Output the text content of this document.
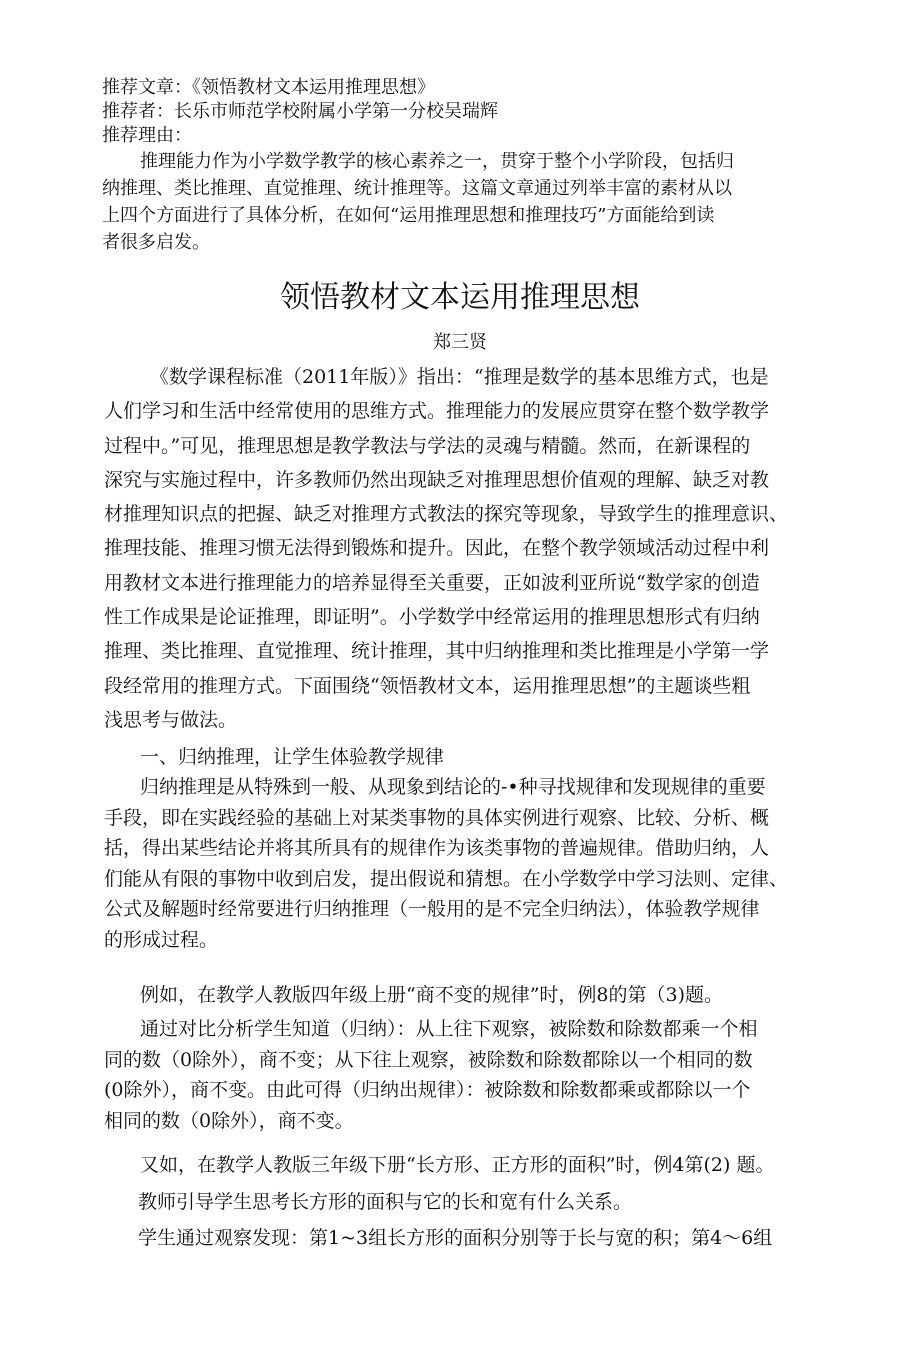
推荐文章：《领悟教材文本运用推理思想》
推荐者：长乐市师范学校附属小学第一分校吴瑞辉
推荐理由：
推理能力作为小学数学教学的核心素养之一，贯穿于整个小学阶段，包括归
纳推理、类比推理、直觉推理、统计推理等。这篇文章通过列举丰富的素材从以
上四个方面进行了具体分析，在如何“运用推理思想和推理技巧”方面能给到读
者很多启发。
领悟教材文本运用推理思想

郑三贤

《数学课程标准（2011年版）》指出：“推理是数学的基本思维方式，也是
人们学习和生活中经常使用的思维方式。推理能力的发展应贯穿在整个数学教学
过程中。”可见，推理思想是教学教法与学法的灵魂与精髓。然而，在新课程的
深究与实施过程中，许多教师仍然出现缺乏对推理思想价值观的理解、缺乏对教
材推理知识点的把握、缺乏对推理方式教法的探究等现象，导致学生的推理意识、
推理技能、推理习惯无法得到锻炼和提升。因此，在整个教学领域活动过程中利
用教材文本进行推理能力的培养显得至关重要，正如波利亚所说“数学家的创造
性工作成果是论证推理，即证明”。小学数学中经常运用的推理思想形式有归纳
推理、类比推理、直觉推理、统计推理，其中归纳推理和类比推理是小学第一学
段经常用的推理方式。下面围绕“领悟教材文本，运用推理思想”的主题谈些粗
浅思考与做法。
一、归纳推理，让学生体验教学规律
归纳推理是从特殊到一般、从现象到结论的-•种寻找规律和发现规律的重要
手段，即在实践经验的基础上对某类事物的具体实例进行观察、比较、分析、概
括，得出某些结论并将其所具有的规律作为该类事物的普遍规律。借助归纳，人
们能从有限的事物中收到启发，提出假说和猜想。在小学数学中学习法则、定律、
公式及解题时经常要进行归纳推理（一般用的是不完全归纳法），体验教学规律
的形成过程。
例如，在教学人教版四年级上册“商不变的规律”时，例8的第（3)题。
通过对比分析学生知道（归纳）：从上往下观察，被除数和除数都乘一个相
同的数（0除外），商不变；从下往上观察，被除数和除数都除以一个相同的数
(0除外），商不变。由此可得（归纳出规律）：被除数和除数都乘或都除以一个
相同的数（0除外），商不变。
又如，在教学人教版三年级下册“长方形、正方形的面积”时，例4第(2) 题。
教师引导学生思考长方形的面积与它的长和宽有什么关系。
学生通过观察发现：第1~3组长方形的面积分别等于长与宽的积；第4～6组
